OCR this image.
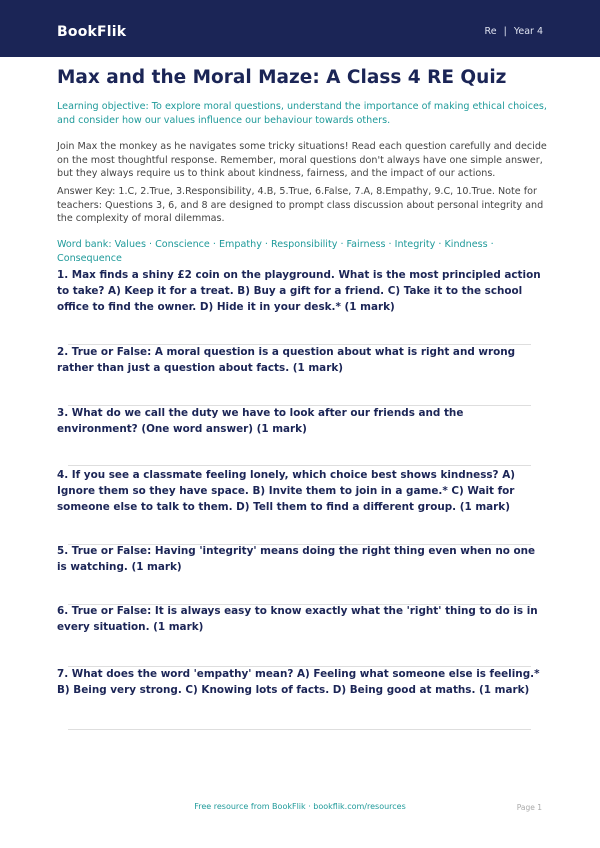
BookFlik	Re | Year 4
Max and the Moral Maze: A Class 4 RE Quiz

Learning objective: To explore moral questions, understand the importance of making ethical choices, and consider how our values influence our behaviour towards others.

Join Max the monkey as he navigates some tricky situations! Read each question carefully and decide on the most thoughtful response. Remember, moral questions don't always have one simple answer, but they always require us to think about kindness, fairness, and the impact of our actions.

Answer Key: 1.C, 2.True, 3.Responsibility, 4.B, 5.True, 6.False, 7.A, 8.Empathy, 9.C, 10.True. Note for teachers: Questions 3, 6, and 8 are designed to prompt class discussion about personal integrity and the complexity of moral dilemmas.

Word bank: Values · Conscience · Empathy · Responsibility · Fairness · Integrity · Kindness · Consequence

1. Max finds a shiny £2 coin on the playground. What is the most principled action to take? A) Keep it for a treat. B) Buy a gift for a friend. C) Take it to the school office to find the owner. D) Hide it in your desk.* (1 mark)

2. True or False: A moral question is a question about what is right and wrong rather than just a question about facts. (1 mark)

3. What do we call the duty we have to look after our friends and the environment? (One word answer) (1 mark)

4. If you see a classmate feeling lonely, which choice best shows kindness? A) Ignore them so they have space. B) Invite them to join in a game.* C) Wait for someone else to talk to them. D) Tell them to find a different group. (1 mark)

5. True or False: Having 'integrity' means doing the right thing even when no one is watching. (1 mark)

6. True or False: It is always easy to know exactly what the 'right' thing to do is in every situation. (1 mark)

7. What does the word 'empathy' mean? A) Feeling what someone else is feeling.* B) Being very strong. C) Knowing lots of facts. D) Being good at maths. (1 mark)

Free resource from BookFlik · bookflik.com/resources	Page 1
